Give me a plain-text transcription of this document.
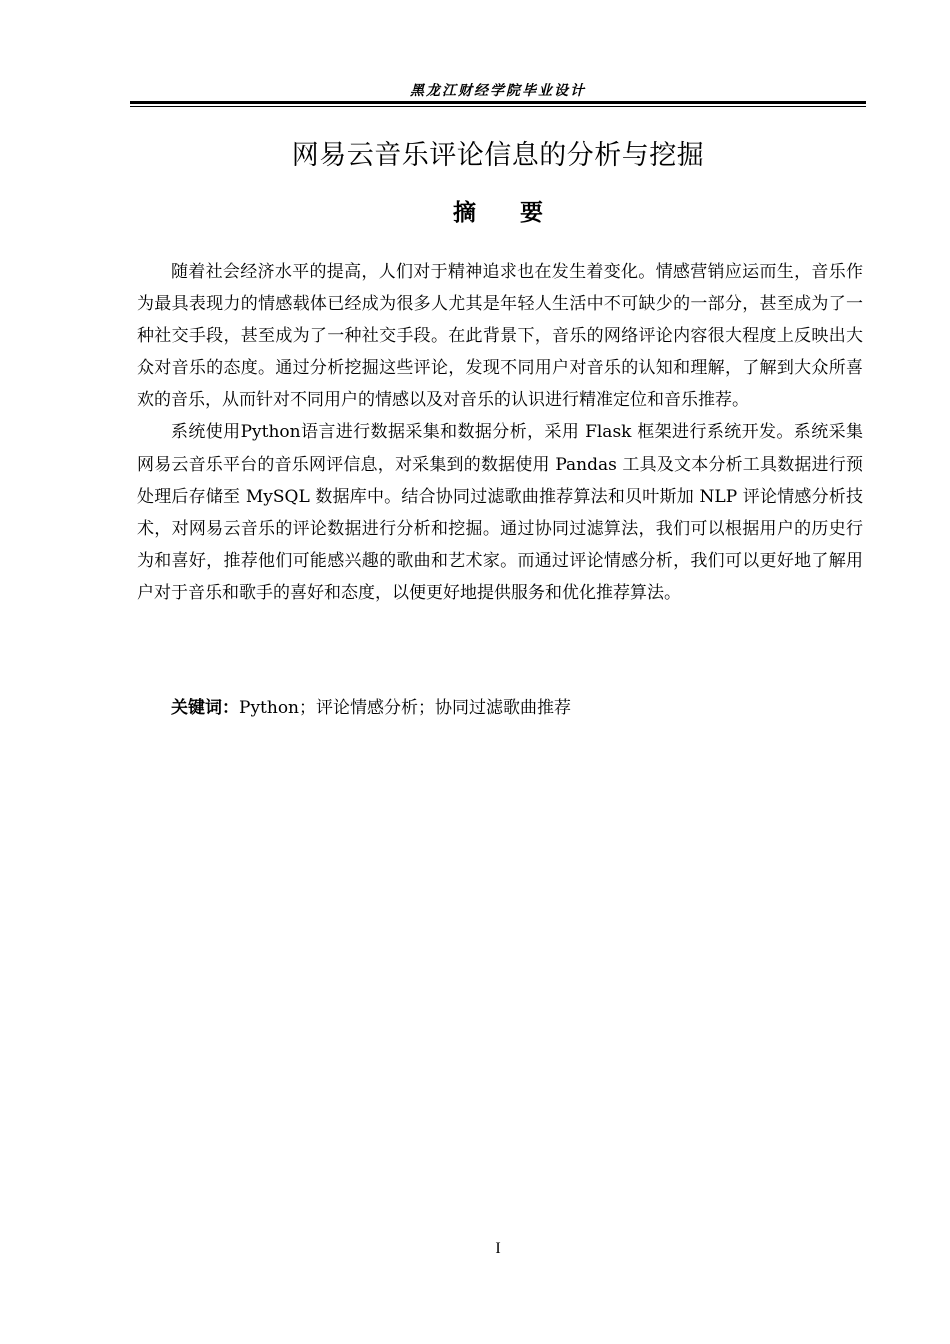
黑龙江财经学院毕业设计
网易云音乐评论信息的分析与挖掘
摘 要

随着社会经济水平的提高，人们对于精神追求也在发生着变化。情感营销应运而生，音乐作为最具表现力的情感载体已经成为很多人尤其是年轻人生活中不可缺少的一部分，甚至成为了一种社交手段，甚至成为了一种社交手段。在此背景下，音乐的网络评论内容很大程度上反映出大众对音乐的态度。通过分析挖掘这些评论，发现不同用户对音乐的认知和理解，了解到大众所喜欢的音乐，从而针对不同用户的情感以及对音乐的认识进行精准定位和音乐推荐。

系统使用Python语言进行数据采集和数据分析，采用 Flask 框架进行系统开发。系统采集网易云音乐平台的音乐网评信息，对采集到的数据使用 Pandas 工具及文本分析工具数据进行预处理后存储至 MySQL 数据库中。结合协同过滤歌曲推荐算法和贝叶斯加 NLP 评论情感分析技术，对网易云音乐的评论数据进行分析和挖掘。通过协同过滤算法，我们可以根据用户的历史行为和喜好，推荐他们可能感兴趣的歌曲和艺术家。而通过评论情感分析，我们可以更好地了解用户对于音乐和歌手的喜好和态度，以便更好地提供服务和优化推荐算法。

关键词：Python；评论情感分析；协同过滤歌曲推荐
I
